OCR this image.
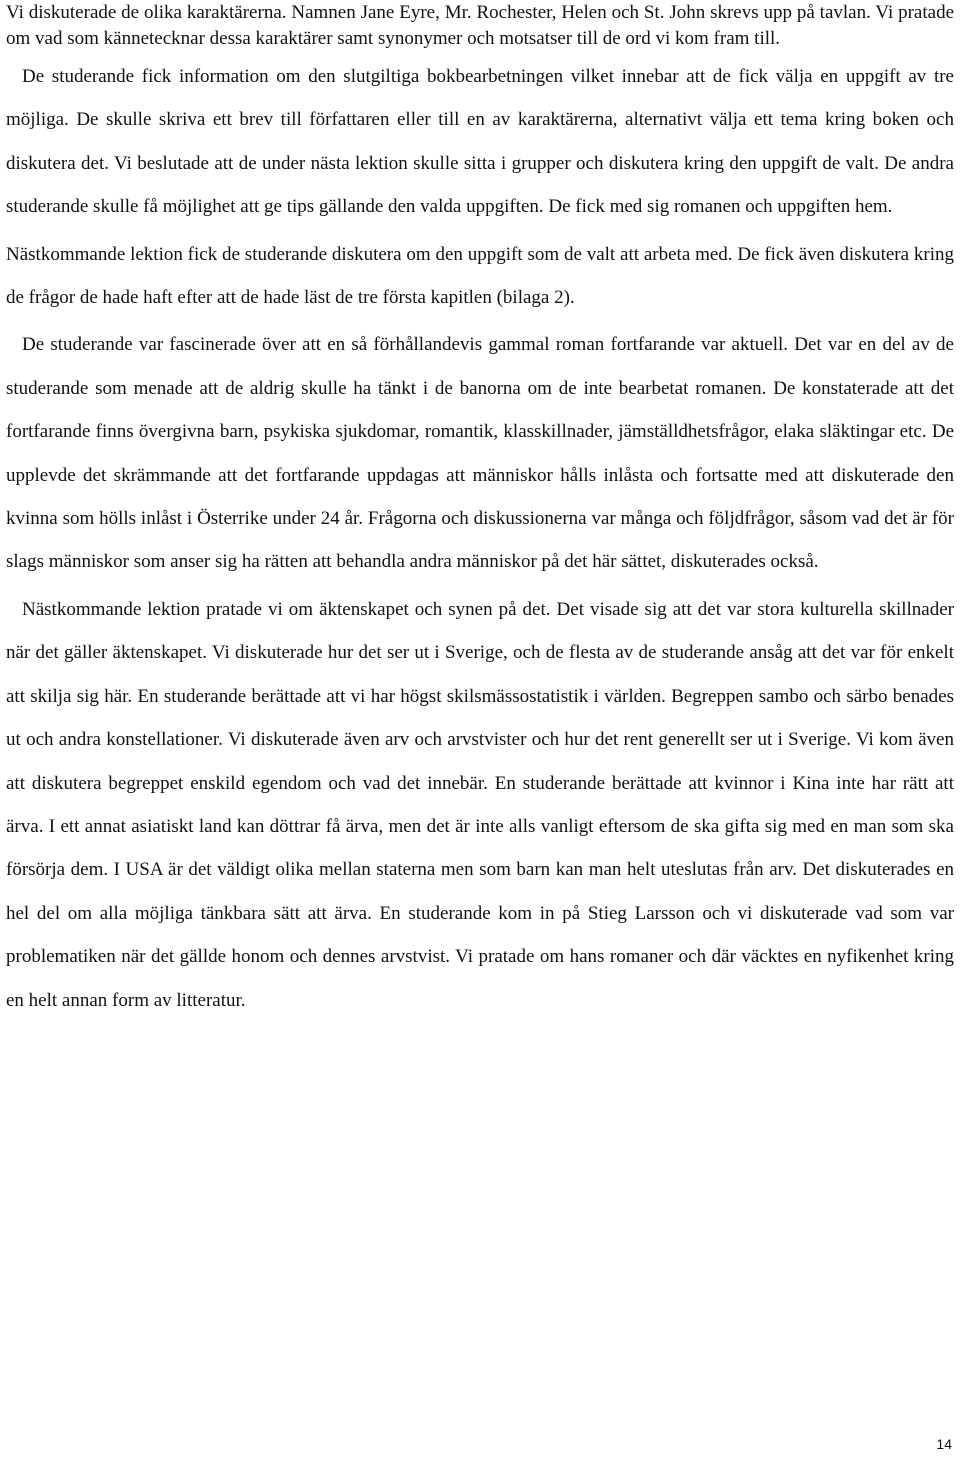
Vi diskuterade de olika karaktärerna. Namnen Jane Eyre, Mr. Rochester, Helen och St. John skrevs upp på tavlan. Vi pratade om vad som kännetecknar dessa karaktärer samt synonymer och motsatser till de ord vi kom fram till.

De studerande fick information om den slutgiltiga bokbearbetningen vilket innebar att de fick välja en uppgift av tre möjliga. De skulle skriva ett brev till författaren eller till en av karaktärerna, alternativt välja ett tema kring boken och diskutera det. Vi beslutade att de under nästa lektion skulle sitta i grupper och diskutera kring den uppgift de valt. De andra studerande skulle få möjlighet att ge tips gällande den valda uppgiften. De fick med sig romanen och uppgiften hem.

Nästkommande lektion fick de studerande diskutera om den uppgift som de valt att arbeta med. De fick även diskutera kring de frågor de hade haft efter att de hade läst de tre första kapitlen (bilaga 2).

De studerande var fascinerade över att en så förhållandevis gammal roman fortfarande var aktuell. Det var en del av de studerande som menade att de aldrig skulle ha tänkt i de banorna om de inte bearbetat romanen. De konstaterade att det fortfarande finns övergivna barn, psykiska sjukdomar, romantik, klasskillnader, jämställdhetsfrågor, elaka släktingar etc. De upplevde det skrämmande att det fortfarande uppdagas att människor hålls inlåsta och fortsatte med att diskuterade den kvinna som hölls inlåst i Österrike under 24 år. Frågorna och diskussionerna var många och följdfrågor, såsom vad det är för slags människor som anser sig ha rätten att behandla andra människor på det här sättet, diskuterades också.

Nästkommande lektion pratade vi om äktenskapet och synen på det. Det visade sig att det var stora kulturella skillnader när det gäller äktenskapet. Vi diskuterade hur det ser ut i Sverige, och de flesta av de studerande ansåg att det var för enkelt att skilja sig här. En studerande berättade att vi har högst skilsmässostatistik i världen. Begreppen sambo och särbo benades ut och andra konstellationer. Vi diskuterade även arv och arvstvister och hur det rent generellt ser ut i Sverige. Vi kom även att diskutera begreppet enskild egendom och vad det innebär. En studerande berättade att kvinnor i Kina inte har rätt att ärva. I ett annat asiatiskt land kan döttrar få ärva, men det är inte alls vanligt eftersom de ska gifta sig med en man som ska försörja dem. I USA är det väldigt olika mellan staterna men som barn kan man helt uteslutas från arv. Det diskuterades en hel del om alla möjliga tänkbara sätt att ärva. En studerande kom in på Stieg Larsson och vi diskuterade vad som var problematiken när det gällde honom och dennes arvstvist. Vi pratade om hans romaner och där väcktes en nyfikenhet kring en helt annan form av litteratur.

14
